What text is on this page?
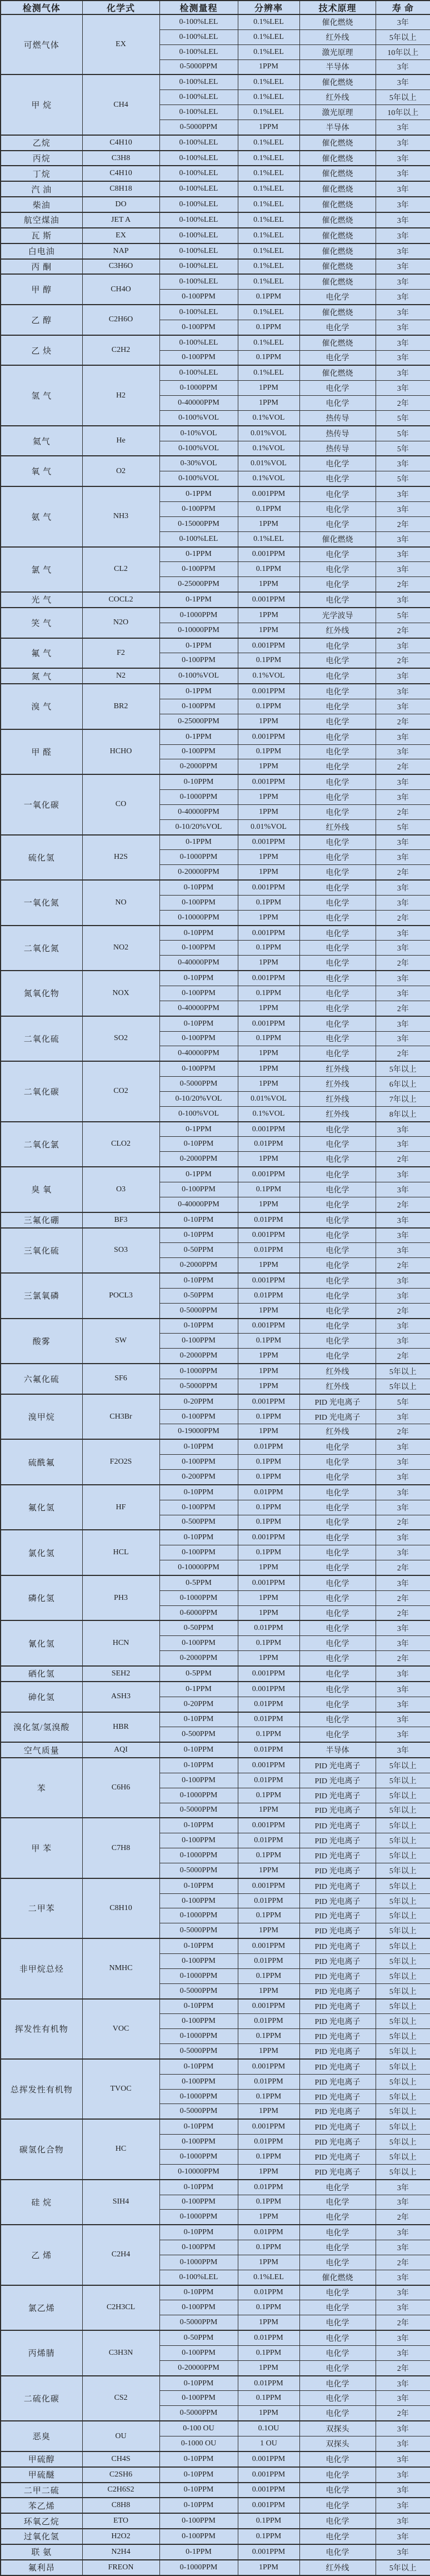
检测气体	化学式	检测量程	分辨率	技术原理	寿 命
可燃气体	EX	0-100%LEL	0.1%LEL	催化燃烧	3年
		0-100%LEL	0.1%LEL	红外线	5年以上
		0-100%LEL	0.1%LEL	激光原理	10年以上
		0-5000PPM	1PPM	半导体	3年
甲 烷	CH4	0-100%LEL	0.1%LEL	催化燃烧	3年
		0-100%LEL	0.1%LEL	红外线	5年以上
		0-100%LEL	0.1%LEL	激光原理	10年以上
		0-5000PPM	1PPM	半导体	3年
乙烷	C4H10	0-100%LEL	0.1%LEL	催化燃烧	3年
丙烷	C3H8	0-100%LEL	0.1%LEL	催化燃烧	3年
丁烷	C4H10	0-100%LEL	0.1%LEL	催化燃烧	3年
汽 油	C8H18	0-100%LEL	0.1%LEL	催化燃烧	3年
柴油	DO	0-100%LEL	0.1%LEL	催化燃烧	3年
航空煤油	JET A	0-100%LEL	0.1%LEL	催化燃烧	3年
瓦 斯	EX	0-100%LEL	0.1%LEL	催化燃烧	3年
白电油	NAP	0-100%LEL	0.1%LEL	催化燃烧	3年
丙 酮	C3H6O	0-100%LEL	0.1%LEL	催化燃烧	3年
甲 醇	CH4O	0-100%LEL	0.1%LEL	催化燃烧	3年
		0-100PPM	0.1PPM	电化学	3年
乙 醇	C2H6O	0-100%LEL	0.1%LEL	催化燃烧	3年
		0-100PPM	0.1PPM	电化学	3年
乙 炔	C2H2	0-100%LEL	0.1%LEL	催化燃烧	3年
		0-100PPM	0.1PPM	电化学	3年
氢 气	H2	0-100%LEL	0.1%LEL	催化燃烧	3年
		0-1000PPM	1PPM	电化学	3年
		0-40000PPM	1PPM	电化学	2年
		0-100%VOL	0.1%VOL	热传导	5年
氦气	He	0-10%VOL	0.01%VOL	热传导	5年
		0-100%VOL	0.1%VOL	热传导	5年
氧 气	O2	0-30%VOL	0.01%VOL	电化学	3年
		0-100%VOL	0.1%VOL	电化学	5年
氨 气	NH3	0-1PPM	0.001PPM	电化学	3年
		0-100PPM	0.1PPM	电化学	3年
		0-15000PPM	1PPM	电化学	2年
		0-100%LEL	0.1%LEL	催化燃烧	3年
氯 气	CL2	0-1PPM	0.001PPM	电化学	3年
		0-100PPM	0.1PPM	电化学	3年
		0-25000PPM	1PPM	电化学	2年
光 气	COCL2	0-1PPM	0.001PPM	电化学	3年
笑 气	N2O	0-1000PPM	1PPM	光学波导	5年
		0-10000PPM	1PPM	红外线	2年
氟 气	F2	0-1PPM	0.001PPM	电化学	3年
		0-100PPM	0.1PPM	电化学	2年
氮 气	N2	0-100%VOL	0.1%VOL	电化学	3年
溴 气	BR2	0-1PPM	0.001PPM	电化学	3年
		0-100PPM	0.1PPM	电化学	3年
		0-25000PPM	1PPM	电化学	2年
甲 醛	HCHO	0-1PPM	0.001PPM	电化学	3年
		0-100PPM	0.1PPM	电化学	3年
		0-2000PPM	1PPM	电化学	2年
一氧化碳	CO	0-10PPM	0.001PPM	电化学	3年
		0-1000PPM	1PPM	电化学	3年
		0-40000PPM	1PPM	电化学	2年
		0-10/20%VOL	0.01%VOL	红外线	5年
硫化氢	H2S	0-1PPM	0.001PPM	电化学	3年
		0-1000PPM	1PPM	电化学	3年
		0-20000PPM	1PPM	电化学	2年
一氧化氮	NO	0-10PPM	0.001PPM	电化学	3年
		0-100PPM	0.1PPM	电化学	3年
		0-10000PPM	1PPM	电化学	2年
二氧化氮	NO2	0-10PPM	0.001PPM	电化学	3年
		0-100PPM	0.1PPM	电化学	3年
		0-40000PPM	1PPM	电化学	2年
氮氧化物	NOX	0-10PPM	0.001PPM	电化学	3年
		0-100PPM	0.1PPM	电化学	3年
		0-40000PPM	1PPM	电化学	2年
二氧化硫	SO2	0-10PPM	0.001PPM	电化学	3年
		0-100PPM	0.1PPM	电化学	3年
		0-40000PPM	1PPM	电化学	2年
二氧化碳	CO2	0-100PPM	1PPM	红外线	5年以上
		0-5000PPM	1PPM	红外线	6年以上
		0-10/20%VOL	0.01%VOL	红外线	7年以上
		0-100%VOL	0.1%VOL	红外线	8年以上
二氧化氯	CLO2	0-1PPM	0.001PPM	电化学	3年
		0-10PPM	0.01PPM	电化学	3年
		0-2000PPM	1PPM	电化学	2年
臭 氧	O3	0-1PPM	0.001PPM	电化学	3年
		0-100PPM	0.1PPM	电化学	3年
		0-40000PPM	1PPM	电化学	2年
三氟化硼	BF3	0-10PPM	0.01PPM	电化学	3年
三氧化硫	SO3	0-10PPM	0.001PPM	电化学	3年
		0-50PPM	0.01PPM	电化学	3年
		0-2000PPM	1PPM	电化学	2年
三氯氧磷	POCL3	0-10PPM	0.001PPM	电化学	3年
		0-50PPM	0.01PPM	电化学	3年
		0-5000PPM	1PPM	电化学	2年
酸雾	SW	0-10PPM	0.001PPM	电化学	3年
		0-100PPM	0.1PPM	电化学	3年
		0-2000PPM	1PPM	电化学	2年
六氟化硫	SF6	0-1000PPM	1PPM	红外线	5年以上
		0-5000PPM	1PPM	红外线	5年以上
溴甲烷	CH3Br	0-20PPM	0.001PPM	PID 光电离子	5年
		0-100PPM	0.1PPM	PID 光电离子	3年
		0-19000PPM	1PPM	红外线	2年
硫酰氟	F2O2S	0-10PPM	0.01PPM	电化学	3年
		0-100PPM	0.1PPM	电化学	3年
		0-200PPM	0.1PPM	电化学	3年
氟化氢	HF	0-10PPM	0.01PPM	电化学	3年
		0-100PPM	0.1PPM	电化学	3年
		0-500PPM	0.1PPM	电化学	2年
氯化氢	HCL	0-10PPM	0.001PPM	电化学	3年
		0-100PPM	0.1PPM	电化学	3年
		0-10000PPM	1PPM	电化学	2年
磷化氢	PH3	0-5PPM	0.001PPM	电化学	3年
		0-1000PPM	1PPM	电化学	2年
		0-6000PPM	1PPM	电化学	2年
氰化氢	HCN	0-50PPM	0.01PPM	电化学	3年
		0-100PPM	0.1PPM	电化学	3年
		0-2000PPM	1PPM	电化学	2年
硒化氢	SEH2	0-5PPM	0.001PPM	电化学	3年
砷化氢	ASH3	0-1PPM	0.001PPM	电化学	3年
		0-20PPM	0.01PPM	电化学	3年
溴化氢/氢溴酸	HBR	0-10PPM	0.01PPM	电化学	3年
		0-500PPM	0.1PPM	电化学	3年
空气质量	AQI	0-10PPM	0.01PPM	半导体	3年
苯	C6H6	0-10PPM	0.001PPM	PID 光电离子	5年以上
		0-100PPM	0.01PPM	PID 光电离子	5年以上
		0-1000PPM	0.1PPM	PID 光电离子	5年以上
		0-5000PPM	1PPM	PID 光电离子	5年以上
甲 苯	C7H8	0-10PPM	0.001PPM	PID 光电离子	5年以上
		0-100PPM	0.01PPM	PID 光电离子	5年以上
		0-1000PPM	0.1PPM	PID 光电离子	5年以上
		0-5000PPM	1PPM	PID 光电离子	5年以上
二甲苯	C8H10	0-10PPM	0.001PPM	PID 光电离子	5年以上
		0-100PPM	0.01PPM	PID 光电离子	5年以上
		0-1000PPM	0.1PPM	PID 光电离子	5年以上
		0-5000PPM	1PPM	PID 光电离子	5年以上
非甲烷总烃	NMHC	0-10PPM	0.001PPM	PID 光电离子	5年以上
		0-100PPM	0.01PPM	PID 光电离子	5年以上
		0-1000PPM	0.1PPM	PID 光电离子	5年以上
		0-5000PPM	1PPM	PID 光电离子	5年以上
挥发性有机物	VOC	0-10PPM	0.001PPM	PID 光电离子	5年以上
		0-100PPM	0.01PPM	PID 光电离子	5年以上
		0-1000PPM	0.1PPM	PID 光电离子	5年以上
		0-5000PPM	1PPM	PID 光电离子	5年以上
总挥发性有机物	TVOC	0-10PPM	0.001PPM	PID 光电离子	5年以上
		0-100PPM	0.01PPM	PID 光电离子	5年以上
		0-1000PPM	0.1PPM	PID 光电离子	5年以上
		0-5000PPM	1PPM	PID 光电离子	5年以上
碳氢化合物	HC	0-10PPM	0.001PPM	PID 光电离子	5年以上
		0-100PPM	0.01PPM	PID 光电离子	5年以上
		0-1000PPM	0.1PPM	PID 光电离子	5年以上
		0-10000PPM	1PPM	PID 光电离子	5年以上
硅 烷	SIH4	0-10PPM	0.01PPM	电化学	3年
		0-100PPM	0.1PPM	电化学	3年
		0-1000PPM	1PPM	电化学	2年
乙 烯	C2H4	0-10PPM	0.01PPM	电化学	3年
		0-100PPM	0.1PPM	电化学	3年
		0-1000PPM	1PPM	电化学	2年
		0-100%LEL	0.1%LEL	催化燃烧	3年
氯乙烯	C2H3CL	0-10PPM	0.01PPM	电化学	3年
		0-100PPM	0.1PPM	电化学	3年
		0-5000PPM	1PPM	电化学	2年
丙烯腈	C3H3N	0-50PPM	0.01PPM	电化学	3年
		0-100PPM	0.1PPM	电化学	3年
		0-20000PPM	1PPM	电化学	2年
二硫化碳	CS2	0-10PPM	0.01PPM	电化学	3年
		0-100PPM	0.1PPM	电化学	3年
		0-5000PPM	1PPM	电化学	2年
恶臭	OU	0-100 OU	0.1OU	双探头	3年
		0-1000 OU	1 OU	双探头	3年
甲硫醇	CH4S	0-10PPM	0.001PPM	电化学	3年
甲硫醚	C2SH6	0-10PPM	0.001PPM	电化学	3年
二甲二硫	C2H6S2	0-10PPM	0.001PPM	电化学	3年
苯乙烯	C8H8	0-10PPM	0.001PPM	电化学	3年
环氧乙烷	ETO	0-100PPM	0.1PPM	电化学	3年
过氧化氢	H2O2	0-100PPM	0.1PPM	电化学	3年
联 氨	N2H4	0-1PPM	0.001PPM	电化学	3年
氟利昂	FREON	0-1000PPM	1PPM	红外线	5年以上
